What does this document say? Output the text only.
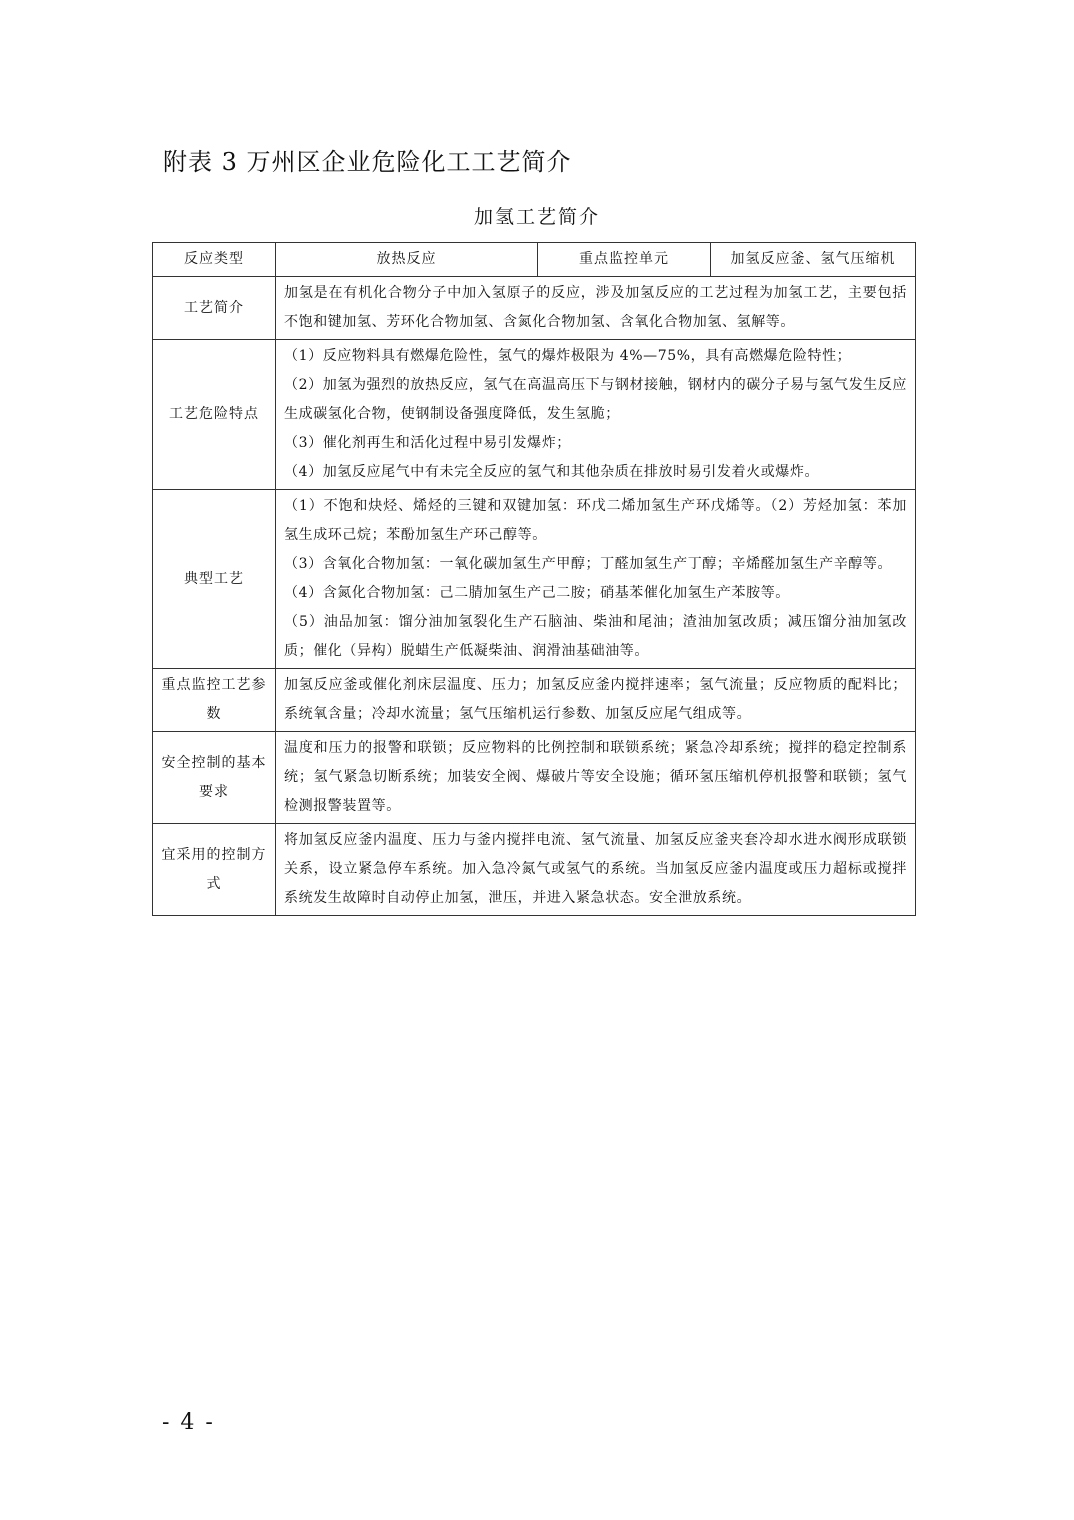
附表 3 万州区企业危险化工工艺简介
加氢工艺简介
反应类型	放热反应	重点监控单元	加氢反应釜、氢气压缩机
工艺简介	加氢是在有机化合物分子中加入氢原子的反应，涉及加氢反应的工艺过程为加氢工艺，主要包括不饱和键加氢、芳环化合物加氢、含氮化合物加氢、含氧化合物加氢、氢解等。		

工艺危险特点	（1）反应物料具有燃爆危险性，氢气的爆炸极限为 4%—75%，具有高燃爆危险特性；
（2）加氢为强烈的放热反应，氢气在高温高压下与钢材接触，钢材内的碳分子易与氢气发生反应生成碳氢化合物，使钢制设备强度降低，发生氢脆；
（3）催化剂再生和活化过程中易引发爆炸；
（4）加氢反应尾气中有未完全反应的氢气和其他杂质在排放时易引发着火或爆炸。		

典型工艺	（1）不饱和炔烃、烯烃的三键和双键加氢：环戊二烯加氢生产环戊烯等。（2）芳烃加氢：苯加氢生成环己烷；苯酚加氢生产环己醇等。
（3）含氧化合物加氢：一氧化碳加氢生产甲醇；丁醛加氢生产丁醇；辛烯醛加氢生产辛醇等。
（4）含氮化合物加氢：己二腈加氢生产己二胺；硝基苯催化加氢生产苯胺等。
（5）油品加氢：馏分油加氢裂化生产石脑油、柴油和尾油；渣油加氢改质；减压馏分油加氢改质；催化（异构）脱蜡生产低凝柴油、润滑油基础油等。		

重点监控工艺参数	加氢反应釜或催化剂床层温度、压力；加氢反应釜内搅拌速率；氢气流量；反应物质的配料比；系统氧含量；冷却水流量；氢气压缩机运行参数、加氢反应尾气组成等。		

安全控制的基本要求	温度和压力的报警和联锁；反应物料的比例控制和联锁系统；紧急冷却系统；搅拌的稳定控制系统；氢气紧急切断系统；加装安全阀、爆破片等安全设施；循环氢压缩机停机报警和联锁；氢气检测报警装置等。		

宜采用的控制方式	将加氢反应釜内温度、压力与釜内搅拌电流、氢气流量、加氢反应釜夹套冷却水进水阀形成联锁关系，设立紧急停车系统。加入急冷氮气或氢气的系统。当加氢反应釜内温度或压力超标或搅拌系统发生故障时自动停止加氢，泄压，并进入紧急状态。安全泄放系统。		
- 4 -
